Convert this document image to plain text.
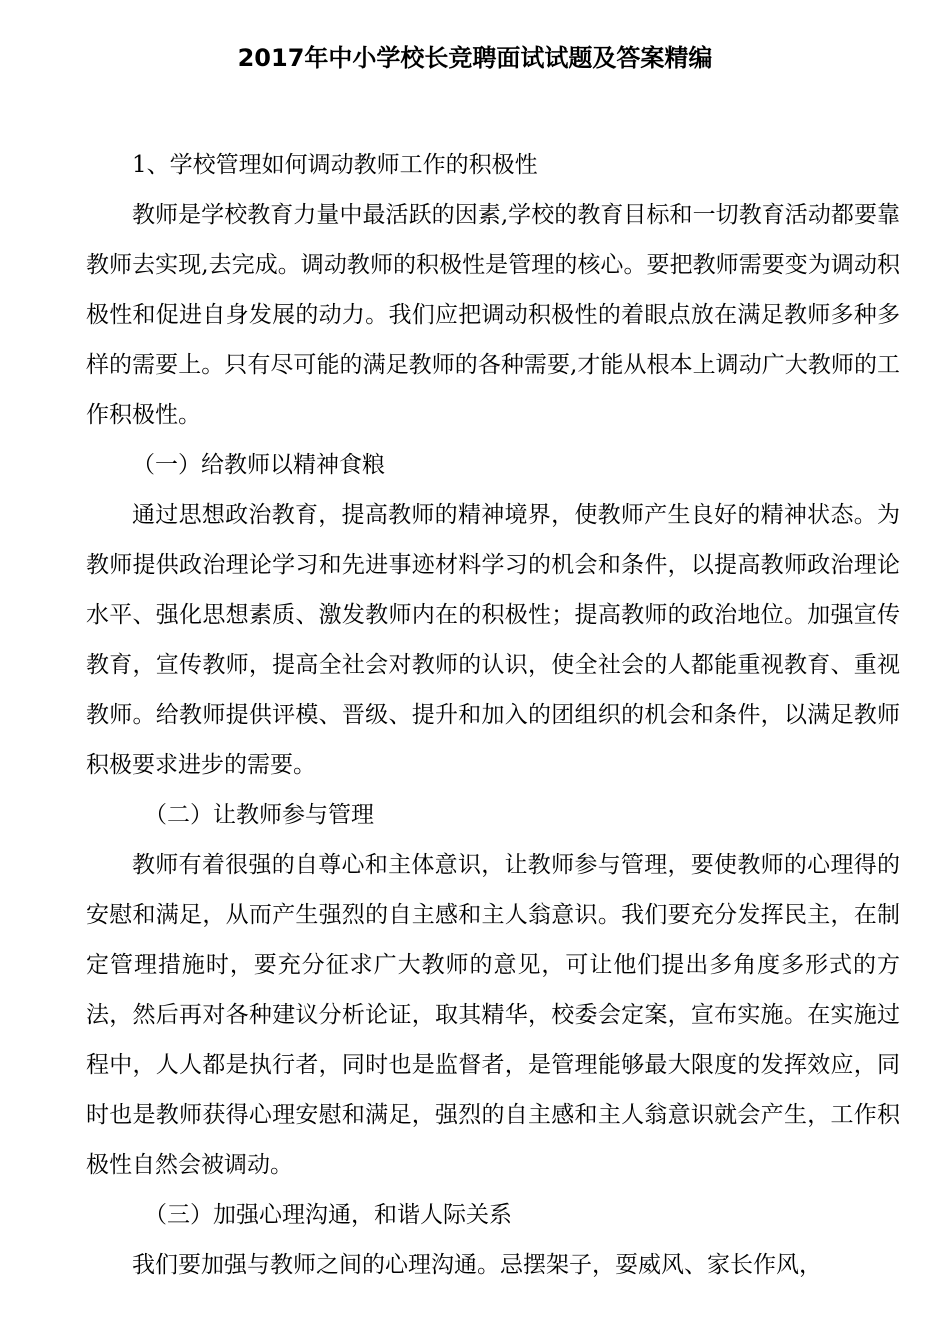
2017年中小学校长竞聘面试试题及答案精编

1、学校管理如何调动教师工作的积极性

教师是学校教育力量中最活跃的因素,学校的教育目标和一切教育活动都要靠教师去实现,去完成。调动教师的积极性是管理的核心。要把教师需要变为调动积极性和促进自身发展的动力。我们应把调动积极性的着眼点放在满足教师多种多样的需要上。只有尽可能的满足教师的各种需要,才能从根本上调动广大教师的工作积极性。

（一）给教师以精神食粮

通过思想政治教育，提高教师的精神境界，使教师产生良好的精神状态。为教师提供政治理论学习和先进事迹材料学习的机会和条件，以提高教师政治理论水平、强化思想素质、激发教师内在的积极性；提高教师的政治地位。加强宣传教育，宣传教师，提高全社会对教师的认识，使全社会的人都能重视教育、重视教师。给教师提供评模、晋级、提升和加入的团组织的机会和条件，以满足教师积极要求进步的需要。

（二）让教师参与管理

教师有着很强的自尊心和主体意识，让教师参与管理，要使教师的心理得的安慰和满足，从而产生强烈的自主感和主人翁意识。我们要充分发挥民主，在制定管理措施时，要充分征求广大教师的意见，可让他们提出多角度多形式的方法，然后再对各种建议分析论证，取其精华，校委会定案，宣布实施。在实施过程中，人人都是执行者，同时也是监督者，是管理能够最大限度的发挥效应，同时也是教师获得心理安慰和满足，强烈的自主感和主人翁意识就会产生，工作积极性自然会被调动。

（三）加强心理沟通，和谐人际关系

我们要加强与教师之间的心理沟通。忌摆架子，耍威风、家长作风，
